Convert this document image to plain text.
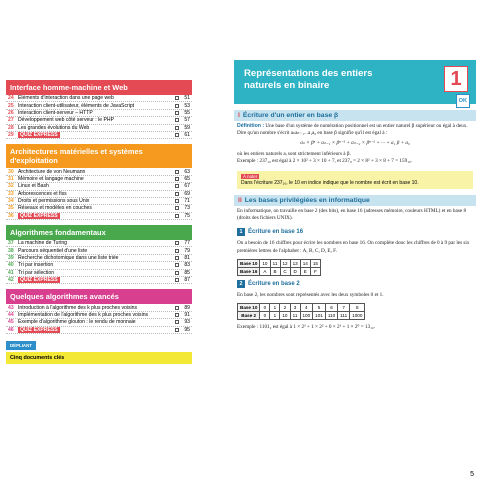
Interface homme-machine et Web
24 Éléments d'interaction dans une page web	51
25 Interaction client-utilisateur, éléments de JavaScript	53
26 Interaction client-serveur – HTTP	55
27 Développement web côté serveur : le PHP	57
28 Les grandes évolutions du Web	59
29	QUIZ EXPRESS	61
Architectures matérielles et systèmes d'exploitation
30 Architecture de von Neumann	63
31 Mémoire et langage machine	65
32 Linux et Bash	67
33 Arborescences et fiss	69
34 Droits et permissions sous Unix	71
35 Réseaux et modèles en couches	73
36	QUIZ EXPRESS	75
Algorithmes fondamentaux
37 La machine de Turing	77
38 Parcours séquentiel d'une liste	79
39 Recherche dichotomique dans une liste triée	81
40 Tri par insertion	83
41 Tri par sélection	85
42	QUIZ EXPRESS	87
Quelques algorithmes avancés
43 Introduction à l'algorithme des k plus proches voisins	89
44 Implémentation de l'algorithme des k plus proches voisins	91
45 Exemple d'algorithme glouton : le rendu de monnaie	93
46	QUIZ EXPRESS	95
DÉPLIANT
Cinq documents clés
Représentations des entiers
naturels en binaire	1
OK
I Écriture d'un entier en base β
Définition : Une base d'un système de numération positionnel est un entier naturel β supérieur ou égal à deux.
Dire qu'un nombre s'écrit aₙaₙ₋₁...a₁a₀ en base β signifie qu'il est égal à :
aₙ × βⁿ + aₙ₋₁ × βⁿ⁻¹ + aₙ₋₂ × βⁿ⁻² + ··· + a₁ β + a₀
où les entiers naturels aᵢ sont strictement inférieurs à β.
Exemple : 237₁₀ est égal à 2 × 10² + 3 × 10 + 7, et 237₈ = 2 × 8² + 3 × 8 + 7 = 159₁₀.
À noter
Dans l'écriture 237₁₀, le 10 en indice indique que le nombre est écrit en base 10.
II Les bases privilégiées en informatique
En informatique, on travaille en base 2 (des bits), en base 16 (adresses mémoire, couleurs HTML) et en base 8 (droits des fichiers UNIX).
1 Écriture en base 16
On a besoin de 16 chiffres pour écrire les nombres en base 16. On complète donc les chiffres de 0 à 9 par les six premières lettres de l'alphabet : A, B, C, D, E, F.
Base 10	10	11	12	13	14	15
Base 16	A	B	C	D	E	F
2 Écriture en base 2
En base 2, les nombres sont représentés avec les deux symboles 0 et 1.
Base 10	0	1	2	3	4	5	6	7	8
Base 2	0	1	10	11	100	101	110	111	1000
Exemple : 1101₂ est égal à 1 × 2³ + 1 × 2² + 0 × 2¹ + 1 × 2⁰ = 13₁₀.
5
